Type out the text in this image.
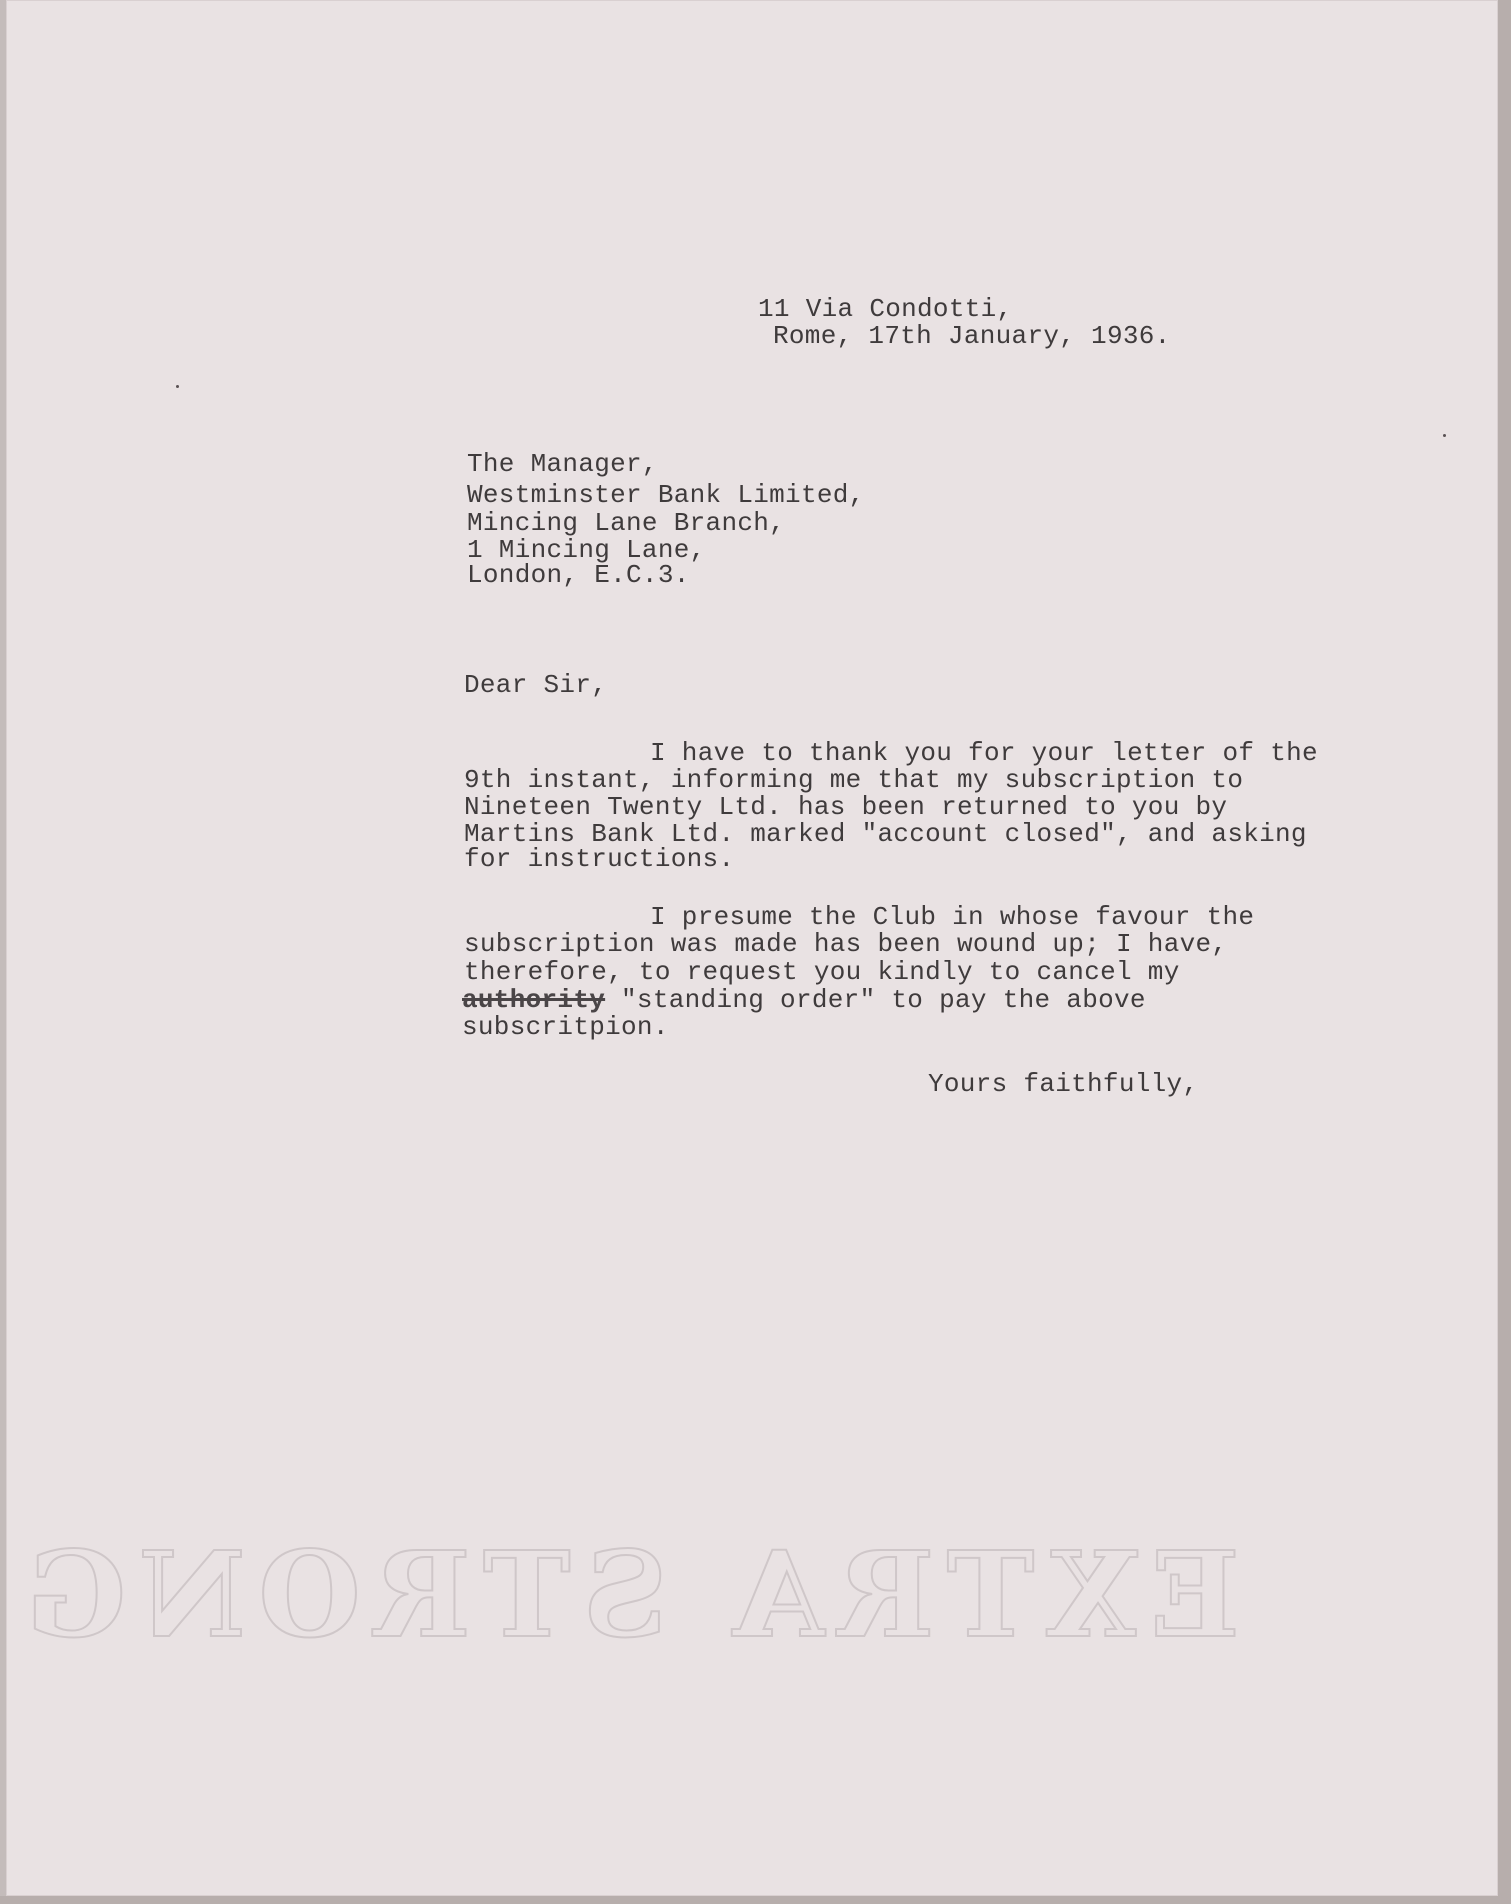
11 Via Condotti,
Rome, 17th January, 1936.
The Manager,
Westminster Bank Limited,
Mincing Lane Branch,
1 Mincing Lane,
London, E.C.3.
Dear Sir,
I have to thank you for your letter of the
9th instant, informing me that my subscription to
Nineteen Twenty Ltd. has been returned to you by
Martins Bank Ltd. marked "account closed", and asking
for instructions.
I presume the Club in whose favour the
subscription was made has been wound up; I have,
therefore, to request you kindly to cancel my
authority "standing order" to pay the above
subscritpion.
Yours faithfully,
EXTRA STRONG
